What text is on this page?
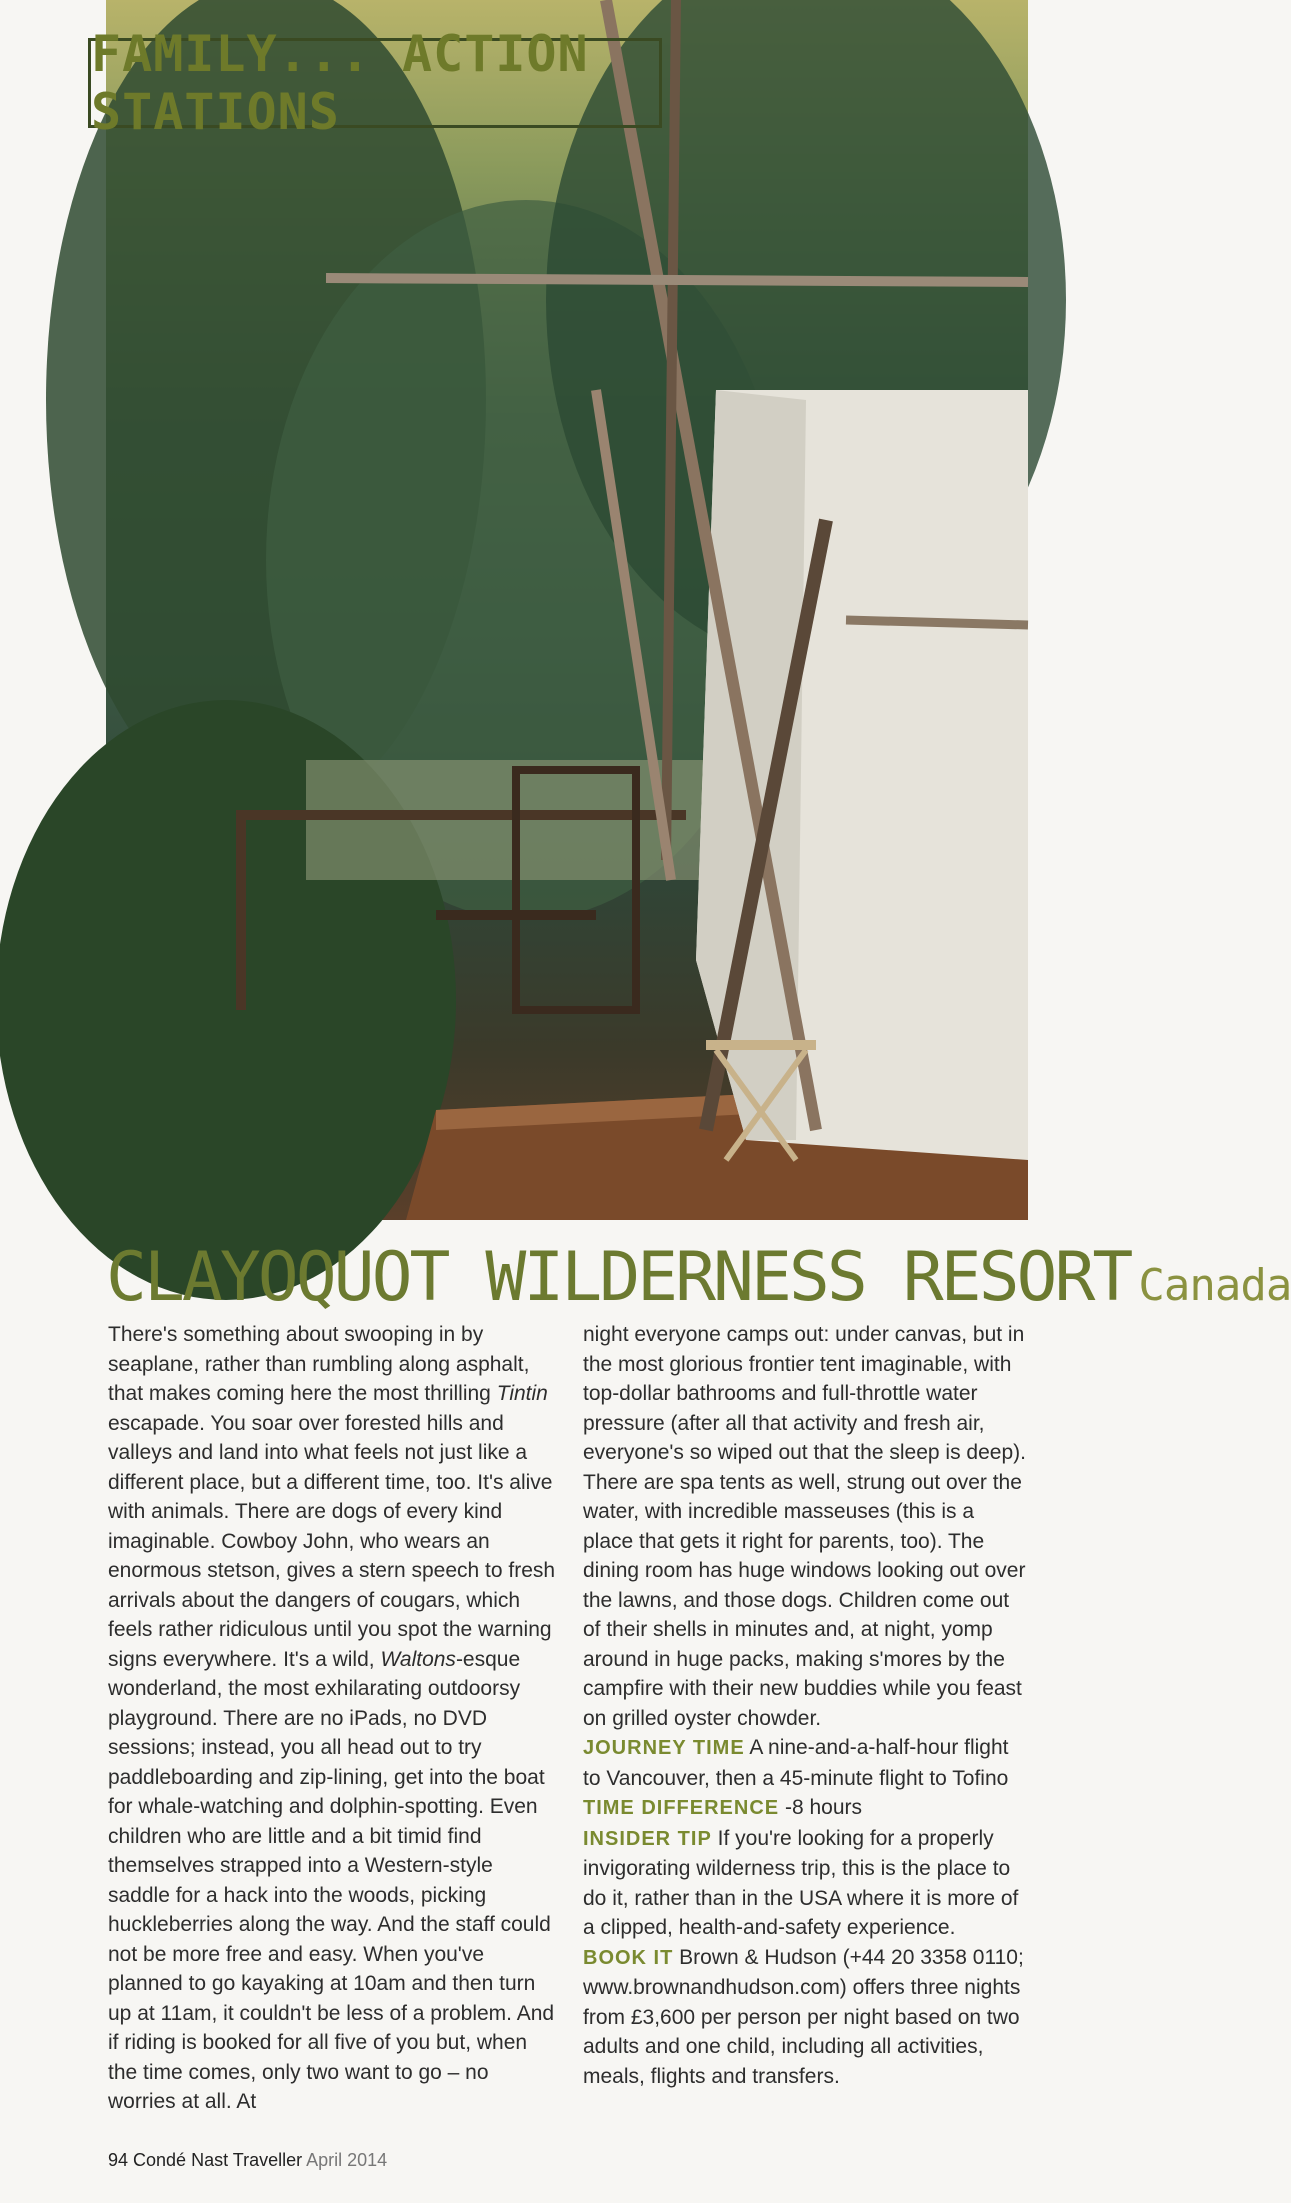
FAMILY... ACTION STATIONS
CLAYOQUOT WILDERNESS RESORT Canada

There's something about swooping in by seaplane, rather than rumbling along asphalt, that makes coming here the most thrilling Tintin escapade. You soar over forested hills and valleys and land into what feels not just like a different place, but a different time, too. It's alive with animals. There are dogs of every kind imaginable. Cowboy John, who wears an enormous stetson, gives a stern speech to fresh arrivals about the dangers of cougars, which feels rather ridiculous until you spot the warning signs everywhere. It's a wild, Waltons-esque wonderland, the most exhilarating outdoorsy playground. There are no iPads, no DVD sessions; instead, you all head out to try paddleboarding and zip-lining, get into the boat for whale-watching and dolphin-spotting. Even children who are little and a bit timid find themselves strapped into a Western-style saddle for a hack into the woods, picking huckleberries along the way. And the staff could not be more free and easy. When you've planned to go kayaking at 10am and then turn up at 11am, it couldn't be less of a problem. And if riding is booked for all five of you but, when the time comes, only two want to go – no worries at all. At

night everyone camps out: under canvas, but in the most glorious frontier tent imaginable, with top-dollar bathrooms and full-throttle water pressure (after all that activity and fresh air, everyone's so wiped out that the sleep is deep). There are spa tents as well, strung out over the water, with incredible masseuses (this is a place that gets it right for parents, too). The dining room has huge windows looking out over the lawns, and those dogs. Children come out of their shells in minutes and, at night, yomp around in huge packs, making s'mores by the campfire with their new buddies while you feast on grilled oyster chowder.

JOURNEY TIME A nine-and-a-half-hour flight to Vancouver, then a 45-minute flight to Tofino

TIME DIFFERENCE -8 hours

INSIDER TIP If you're looking for a properly invigorating wilderness trip, this is the place to do it, rather than in the USA where it is more of a clipped, health-and-safety experience.

BOOK IT Brown & Hudson (+44 20 3358 0110; www.brownandhudson.com) offers three nights from £3,600 per person per night based on two adults and one child, including all activities, meals, flights and transfers.

94 Condé Nast Traveller April 2014
